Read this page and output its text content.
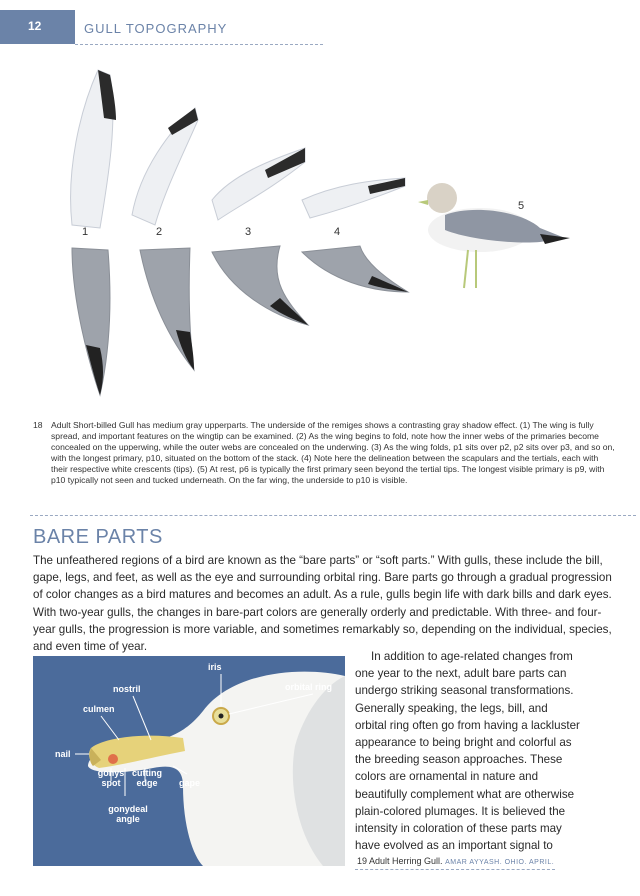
12	GULL TOPOGRAPHY
1	2	3	4
5
18 Adult Short-billed Gull has medium gray upperparts. The underside of the remiges shows a contrasting gray shadow effect. (1) The wing is fully spread, and important features on the wingtip can be examined. (2) As the wing begins to fold, note how the inner webs of the primaries become concealed on the upperwing, while the outer webs are concealed on the underwing. (3) As the wing folds, p1 sits over p2, p2 sits over p3, and so on, with the longest primary, p10, situated on the bottom of the stack. (4) Note here the delineation between the scapulars and the tertials, each with their respective white crescents (tips). (5) At rest, p6 is typically the first primary seen beyond the tertial tips. The longest visible primary is p9, with p10 typically not seen and tucked underneath. On the far wing, the underside to p10 is visible.
BARE PARTS
The unfeathered regions of a bird are known as the “bare parts” or “soft parts.” With gulls, these include the bill, gape, legs, and feet, as well as the eye and surrounding orbital ring. Bare parts go through a gradual progression of color changes as a bird matures and becomes an adult. As a rule, gulls begin life with dark bills and dark eyes. With two-year gulls, the changes in bare-part colors are generally orderly and predictable. With three- and four-year gulls, the progression is more variable, and sometimes remarkably so, depending on the individual, species, and even time of year.
In addition to age-related changes from one year to the next, adult bare parts can undergo striking seasonal transformations. Generally speaking, the legs, bill, and orbital ring often go from having a lackluster appearance to being bright and colorful as the breeding season approaches. These colors are ornamental in nature and beautifully complement what are otherwise plain-colored plumages. It is believed the intensity in coloration of these parts may have evolved as an important signal to
iris
orbital ring
nostril
culmen
nail
gonys spot
cutting edge	gape
gonydeal angle
19 Adult Herring Gull. AMAR AYYASH. OHIO. APRIL.
